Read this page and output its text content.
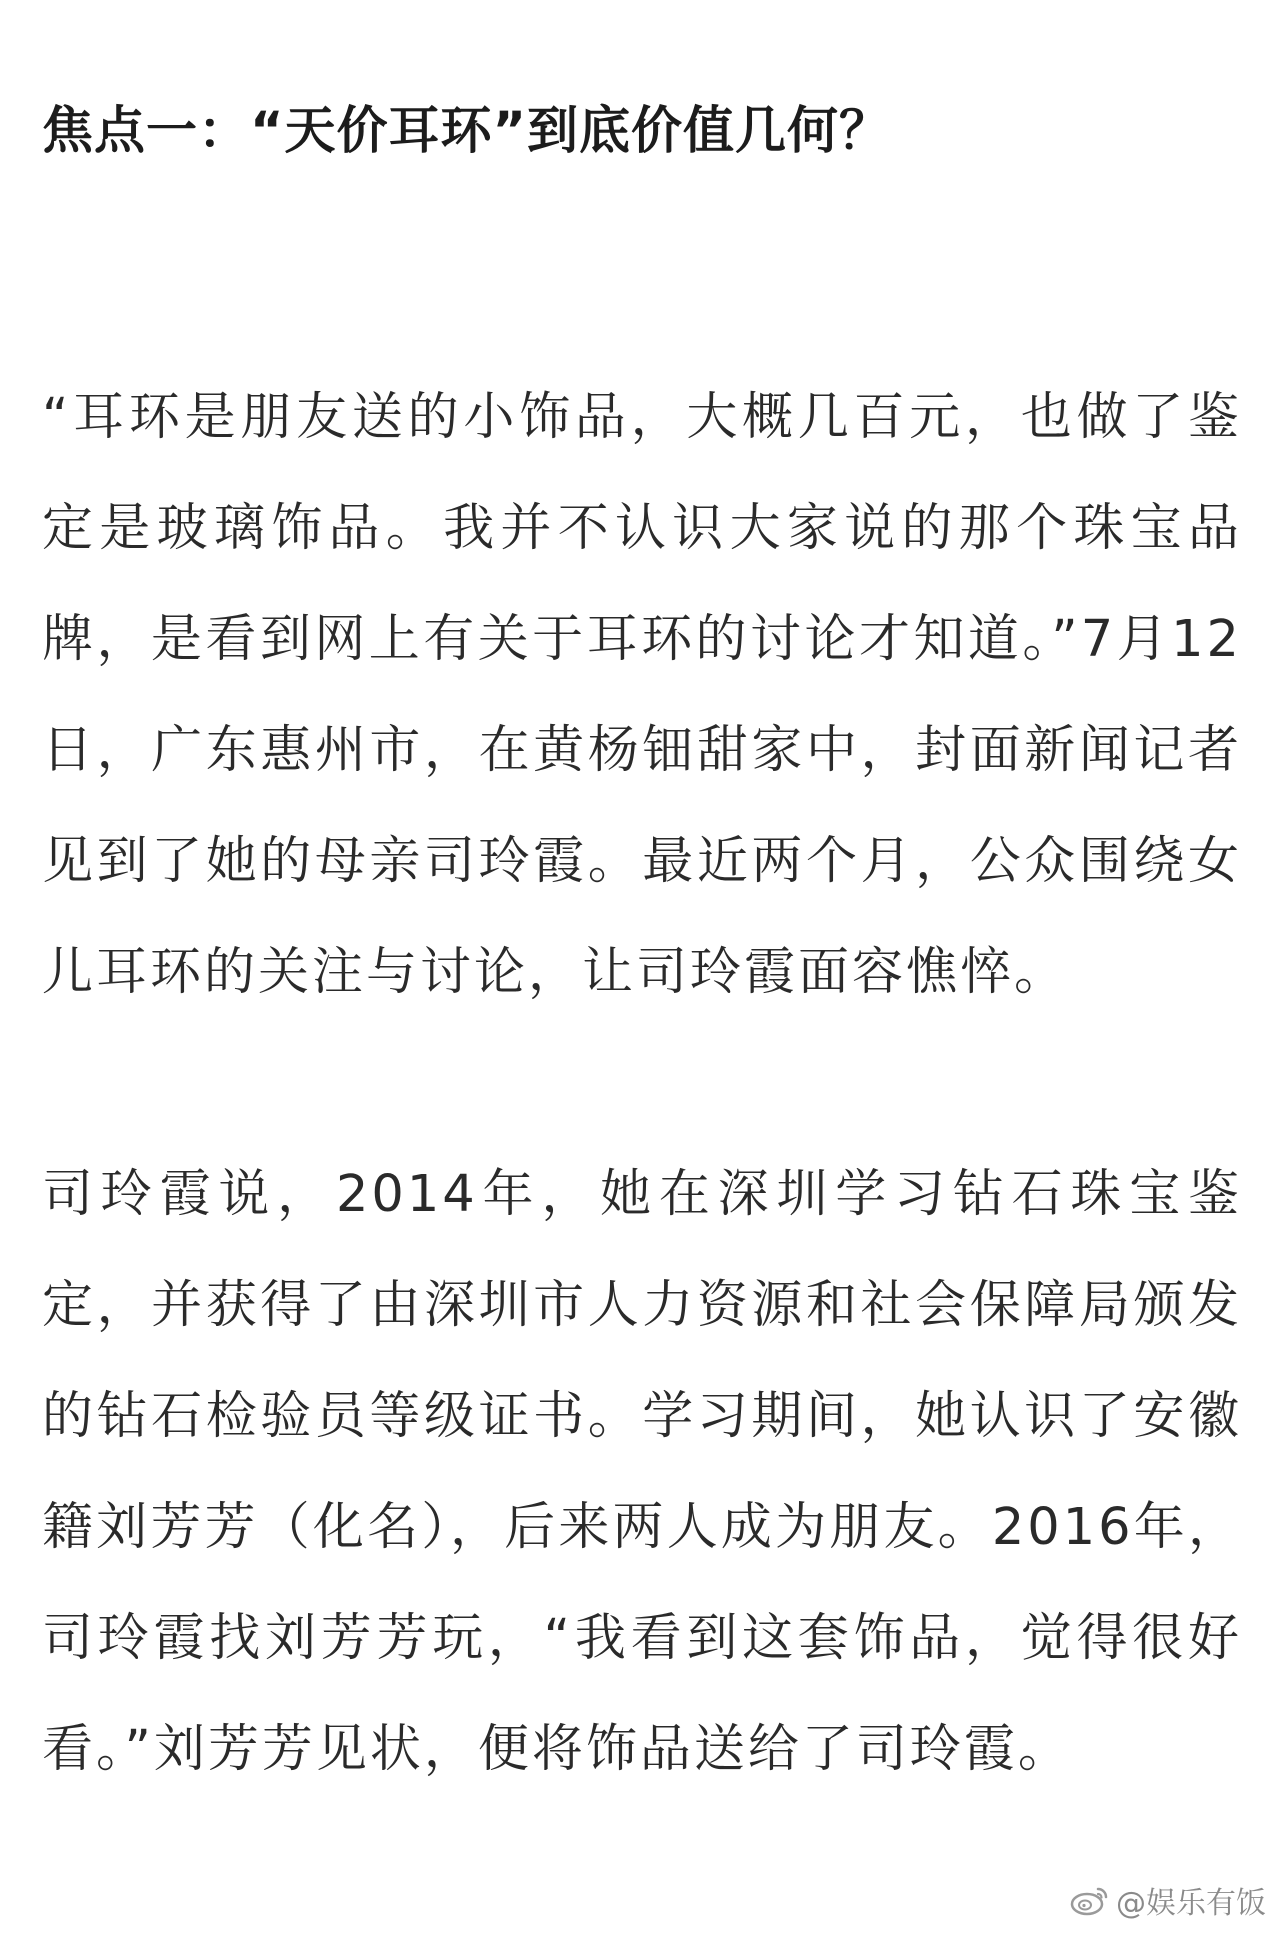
焦点一：“天价耳环”到底价值几何？

“耳环是朋友送的小饰品，大概几百元，也做了鉴定是玻璃饰品。我并不认识大家说的那个珠宝品牌，是看到网上有关于耳环的讨论才知道。”7月12日，广东惠州市，在黄杨钿甜家中，封面新闻记者见到了她的母亲司玲霞。最近两个月，公众围绕女儿耳环的关注与讨论，让司玲霞面容憔悴。

司玲霞说，2014年，她在深圳学习钻石珠宝鉴定，并获得了由深圳市人力资源和社会保障局颁发的钻石检验员等级证书。学习期间，她认识了安徽籍刘芳芳（化名），后来两人成为朋友。2016年，司玲霞找刘芳芳玩，“我看到这套饰品，觉得很好看。”刘芳芳见状，便将饰品送给了司玲霞。

@娱乐有饭
